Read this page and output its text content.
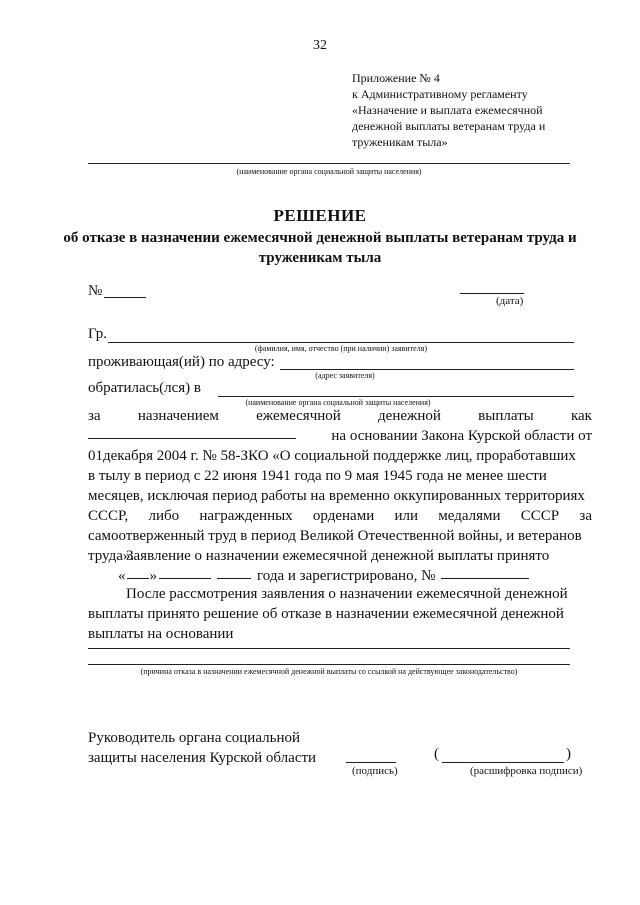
32
Приложение № 4
к Административному регламенту
«Назначение и выплата ежемесячной
денежной выплаты ветеранам труда и
труженикам тыла»
(наименование органа социальной защиты населения)
РЕШЕНИЕ
об отказе в назначении ежемесячной денежной выплаты ветеранам труда и труженикам тыла
№
(дата)
Гр.
(фамилия, имя, отчество (при наличии) заявителя)
проживающая(ий) по адресу:
(адрес заявителя)
обратилась(лся) в
(наименование органа социальной защиты населения)
за назначением ежемесячной денежной выплаты как
на основании Закона Курской области от
01декабря 2004 г. № 58-ЗКО «О социальной поддержке лиц, проработавших
в тылу в период с 22 июня 1941 года по 9 мая 1945 года не менее шести
месяцев, исключая период работы на временно оккупированных территориях
СССР, либо награжденных орденами или медалями СССР за
самоотверженный труд в период Великой Отечественной войны, и ветеранов
труда».
Заявление о назначении ежемесячной денежной выплаты принято
« »	года и зарегистрировано, №
После рассмотрения заявления о назначении ежемесячной денежной
выплаты принято решение об отказе в назначении ежемесячной денежной
выплаты на основании
(причина отказа в назначении ежемесячной денежной выплаты со ссылкой на действующее законодательство)
Руководитель органа социальной
защиты населения Курской области
(подпись)
(	)
(расшифровка подписи)
